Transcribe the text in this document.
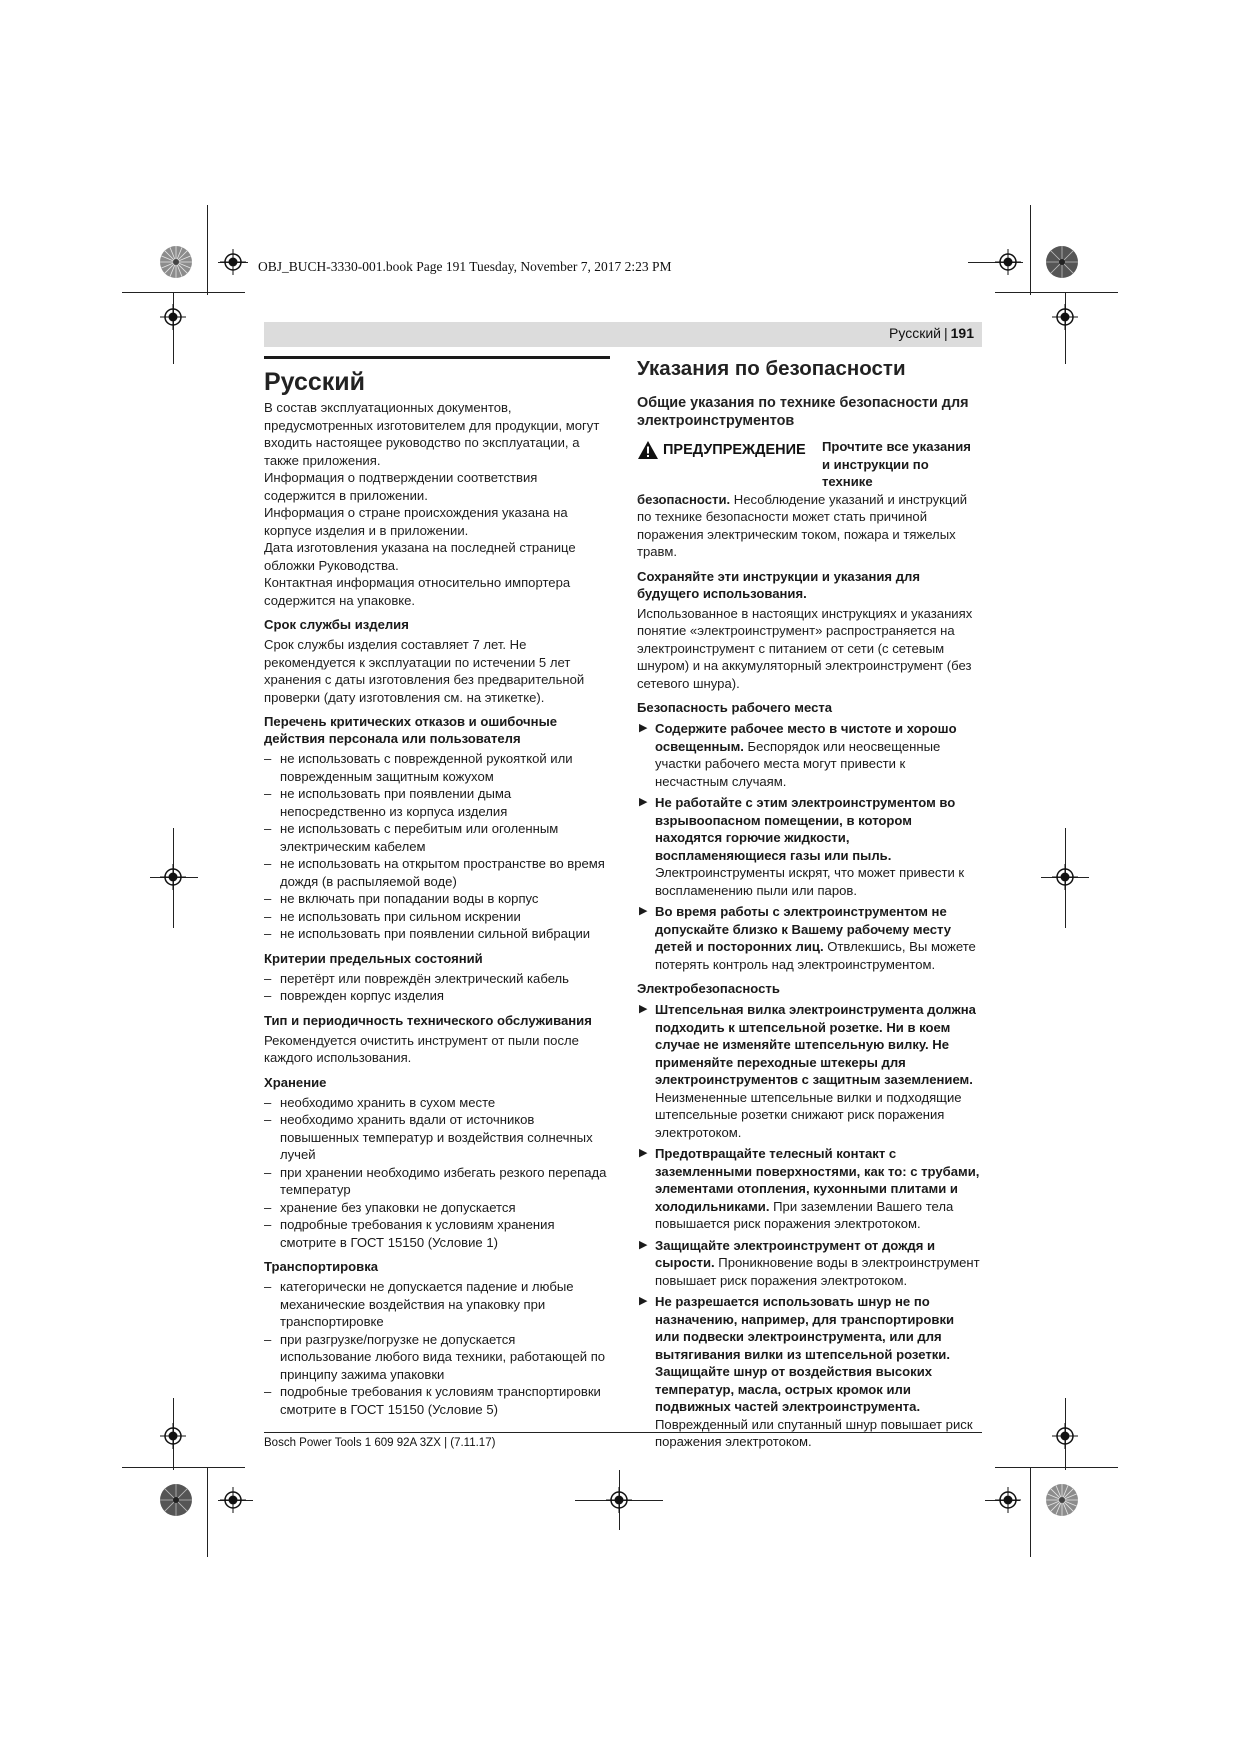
OBJ_BUCH-3330-001.book Page 191 Tuesday, November 7, 2017 2:23 PM
Русский | 191
Русский

В состав эксплуатационных документов, предусмотренных изготовителем для продукции, могут входить настоящее руководство по эксплуатации, а также приложения.

Информация о подтверждении соответствия содержится в приложении.

Информация о стране происхождения указана на корпусе изделия и в приложении.

Дата изготовления указана на последней странице обложки Руководства.

Контактная информация относительно импортера содержится на упаковке.

Срок службы изделия

Срок службы изделия составляет 7 лет. Не рекомендуется к эксплуатации по истечении 5 лет хранения с даты изготовления без предварительной проверки (дату изготовления см. на этикетке).

Перечень критических отказов и ошибочные действия персонала или пользователя
– не использовать с поврежденной рукояткой или поврежденным защитным кожухом
– не использовать при появлении дыма непосредственно из корпуса изделия
– не использовать с перебитым или оголенным электрическим кабелем
– не использовать на открытом пространстве во время дождя (в распыляемой воде)
– не включать при попадании воды в корпус
– не использовать при сильном искрении
– не использовать при появлении сильной вибрации
Критерии предельных состояний
– перетёрт или повреждён электрический кабель
– поврежден корпус изделия
Тип и периодичность технического обслуживания

Рекомендуется очистить инструмент от пыли после каждого использования.

Хранение
– необходимо хранить в сухом месте
– необходимо хранить вдали от источников повышенных температур и воздействия солнечных лучей
– при хранении необходимо избегать резкого перепада температур
– хранение без упаковки не допускается
– подробные требования к условиям хранения смотрите в ГОСТ 15150 (Условие 1)
Транспортировка
– категорически не допускается падение и любые механические воздействия на упаковку при транспортировке
– при разгрузке/погрузке не допускается использование любого вида техники, работающей по принципу зажима упаковки
– подробные требования к условиям транспортировки смотрите в ГОСТ 15150 (Условие 5)
Указания по безопасности
Общие указания по технике безопасности для электроинструментов
ПРЕДУПРЕЖДЕНИЕ Прочтите все указания и инструкции по технике

безопасности. Несоблюдение указаний и инструкций по технике безопасности может стать причиной поражения электрическим током, пожара и тяжелых травм.

Сохраняйте эти инструкции и указания для будущего использования.

Использованное в настоящих инструкциях и указаниях понятие «электроинструмент» распространяется на электроинструмент с питанием от сети (с сетевым шнуром) и на аккумуляторный электроинструмент (без сетевого шнура).

Безопасность рабочего места
▶ Содержите рабочее место в чистоте и хорошо освещенным. Беспорядок или неосвещенные участки рабочего места могут привести к несчастным случаям.
▶ Не работайте с этим электроинструментом во взрывоопасном помещении, в котором находятся горючие жидкости, воспламеняющиеся газы или пыль. Электроинструменты искрят, что может привести к воспламенению пыли или паров.
▶ Во время работы с электроинструментом не допускайте близко к Вашему рабочему месту детей и посторонних лиц. Отвлекшись, Вы можете потерять контроль над электроинструментом.
Электробезопасность
▶ Штепсельная вилка электроинструмента должна подходить к штепсельной розетке. Ни в коем случае не изменяйте штепсельную вилку. Не применяйте переходные штекеры для электроинструментов с защитным заземлением. Неизмененные штепсельные вилки и подходящие штепсельные розетки снижают риск поражения электротоком.
▶ Предотвращайте телесный контакт с заземленными поверхностями, как то: с трубами, элементами отопления, кухонными плитами и холодильниками. При заземлении Вашего тела повышается риск поражения электротоком.
▶ Защищайте электроинструмент от дождя и сырости. Проникновение воды в электроинструмент повышает риск поражения электротоком.
▶ Не разрешается использовать шнур не по назначению, например, для транспортировки или подвески электроинструмента, или для вытягивания вилки из штепсельной розетки. Защищайте шнур от воздействия высоких температур, масла, острых кромок или подвижных частей электроинструмента. Поврежденный или спутанный шнур повышает риск поражения электротоком.
Bosch Power Tools 1 609 92A 3ZX | (7.11.17)
